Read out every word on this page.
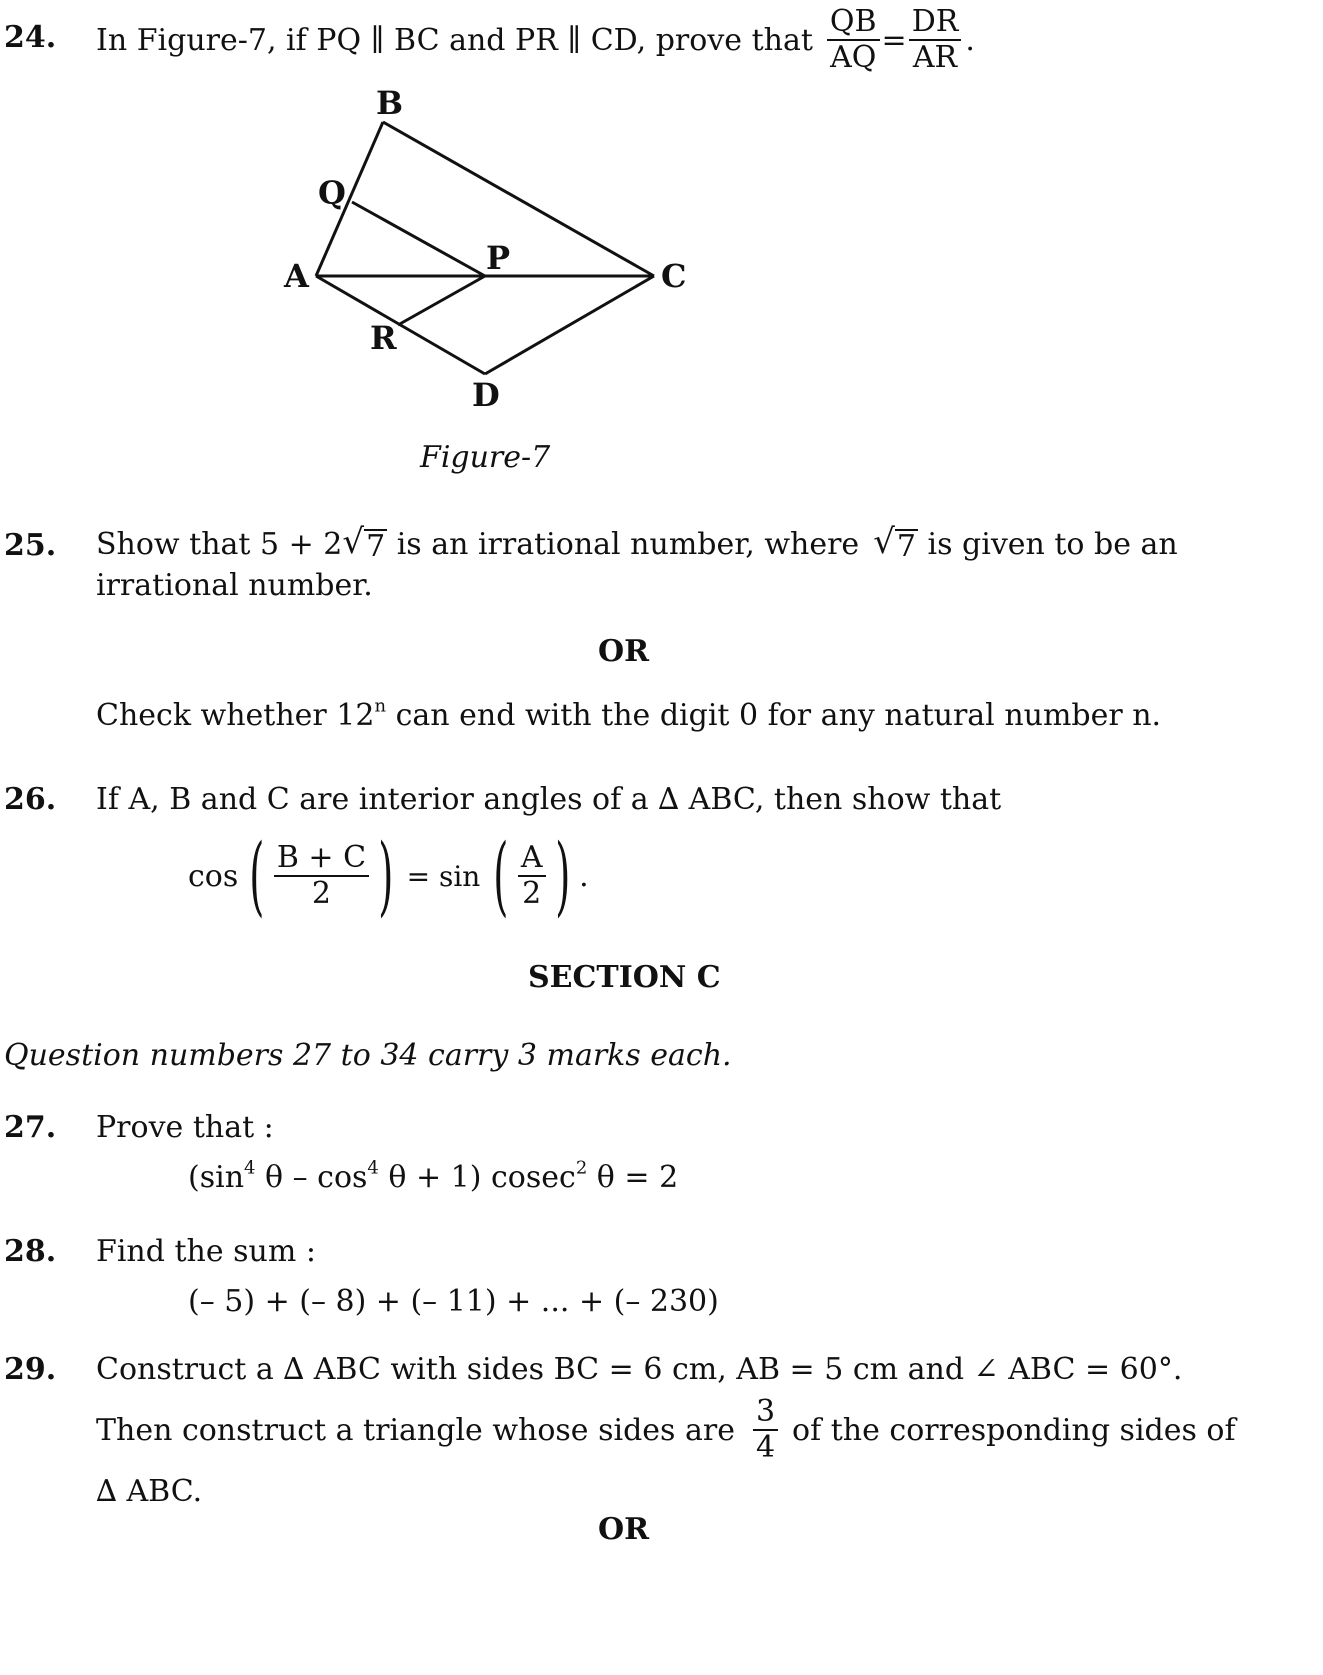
24. In Figure-7, if PQ ∥ BC and PR ∥ CD, prove that $\frac{QB}{AQ} = \frac{DR}{AR}$ .
B
Q
A	P	C
R
D
Figure-7
25. Show that 5 + 2 √ 7 is an irrational number, where √ 7 is given to be an
irrational number.
OR
Check whether 12$^n$ can end with the digit 0 for any natural number n.
26. If A, B and C are interior angles of a ∆ ABC, then show that
cos ( $\frac{B + C}{2}$ ) = sin ( $\frac{A}{2}$ ) .
SECTION C
Question numbers 27 to 34 carry 3 marks each.
27. Prove that :
($\sin^4$ $\theta - \cos^4 \theta + 1$) cosec$^2$ θ = 2
28. Find the sum :
(– 5) + (– 8) + (– 11) + ... + (– 230)
29. Construct a ∆ ABC with sides BC = 6 cm, AB = 5 cm and ∠ ABC = 60°.
Then construct a triangle whose sides are $\frac{3}{4}$ of the corresponding sides of
∆ ABC.
OR
